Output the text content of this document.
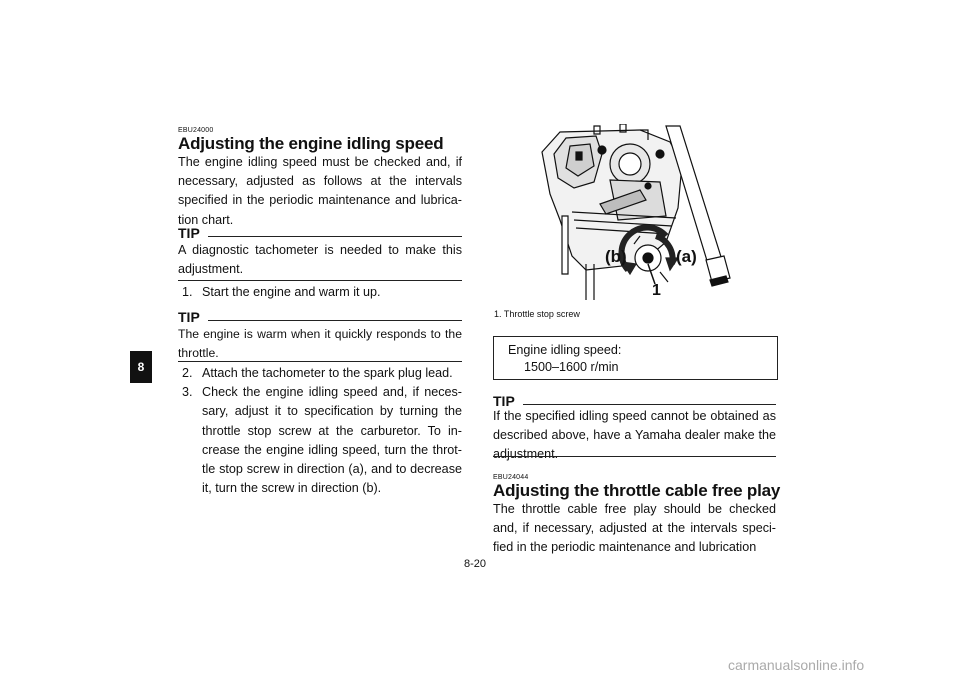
8
EBU24000
Adjusting the engine idling speed
The engine idling speed must be checked and, if necessary, adjusted as follows at the intervals specified in the periodic maintenance and lubrica-tion chart.
TIP
A diagnostic tachometer is needed to make this adjustment.
1. Start the engine and warm it up.
TIP
The engine is warm when it quickly responds to the throttle.
2. Attach the tachometer to the spark plug lead.
3. Check the engine idling speed and, if neces-sary, adjust it to specification by turning the throttle stop screw at the carburetor. To in-crease the engine idling speed, turn the throt-tle stop screw in direction (a), and to decrease it, turn the screw in direction (b).
(b)	(a)
1
1. Throttle stop screw
Engine idling speed:
1500–1600 r/min
TIP
If the specified idling speed cannot be obtained as described above, have a Yamaha dealer make the adjustment.
EBU24044
Adjusting the throttle cable free play
The throttle cable free play should be checked and, if necessary, adjusted at the intervals speci-fied in the periodic maintenance and lubrication
8-20
carmanualsonline.info
